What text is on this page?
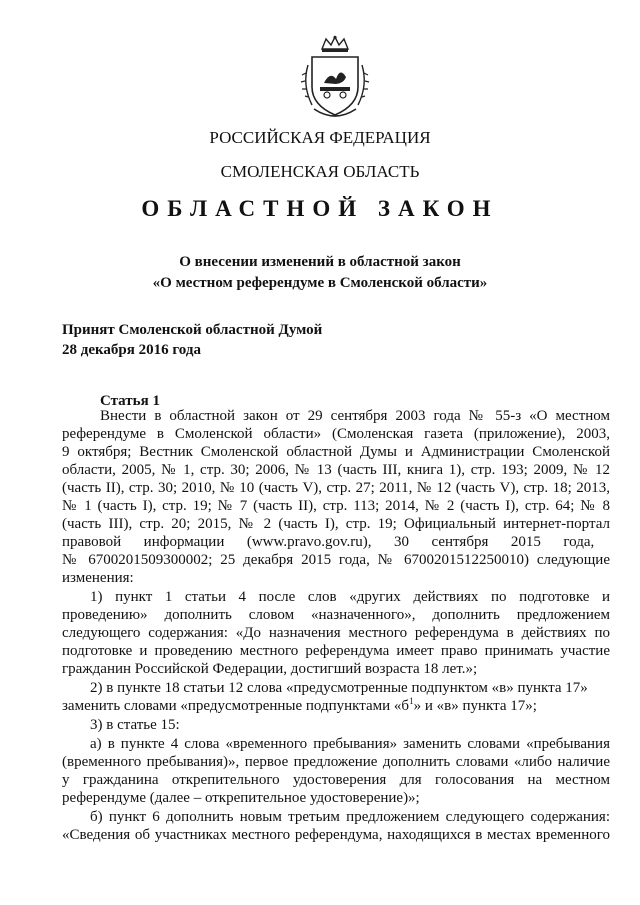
РОССИЙСКАЯ ФЕДЕРАЦИЯ
СМОЛЕНСКАЯ ОБЛАСТЬ
ОБЛАСТНОЙ ЗАКОН
О внесении изменений в областной закон
«О местном референдуме в Смоленской области»
Принят Смоленской областной Думой
28 декабря 2016 года
Статья 1
Внести в областной закон от 29 сентября 2003 года № 55-з «О местном
референдуме в Смоленской области» (Смоленская газета (приложение), 2003,
9 октября; Вестник Смоленской областной Думы и Администрации Смоленской
области, 2005, № 1, стр. 30; 2006, № 13 (часть III, книга 1), стр. 193; 2009, № 12
(часть II), стр. 30; 2010, № 10 (часть V), стр. 27; 2011, № 12 (часть V), стр. 18; 2013,
№ 1 (часть I), стр. 19; № 7 (часть II), стр. 113; 2014, № 2 (часть I), стр. 64; № 8
(часть III), стр. 20; 2015, № 2 (часть I), стр. 19; Официальный интернет-портал
правовой      информации      (www.pravo.gov.ru),      30      сентября      2015      года,
№ 6700201509300002; 25 декабря 2015 года, № 6700201512250010) следующие
изменения:
1) пункт 1 статьи 4 после слов «других действиях по подготовке и
проведению» дополнить словом «назначенного», дополнить предложением
следующего содержания: «До назначения местного референдума в действиях по
подготовке и проведению местного референдума имеет право принимать участие
гражданин Российской Федерации, достигший возраста 18 лет.»;
2) в пункте 18 статьи 12 слова «предусмотренные подпунктом «в» пункта 17»
заменить словами «предусмотренные подпунктами «$б^1$» и «в» пункта 17»;
3) в статье 15:
а) в пункте 4 слова «временного пребывания» заменить словами «пребывания
(временного пребывания)», первое предложение дополнить словами «либо наличие
у гражданина открепительного удостоверения для голосования на местном
референдуме (далее – открепительное удостоверение)»;
б) пункт 6 дополнить новым третьим предложением следующего содержания:
«Сведения об участниках местного референдума, находящихся в местах временного
